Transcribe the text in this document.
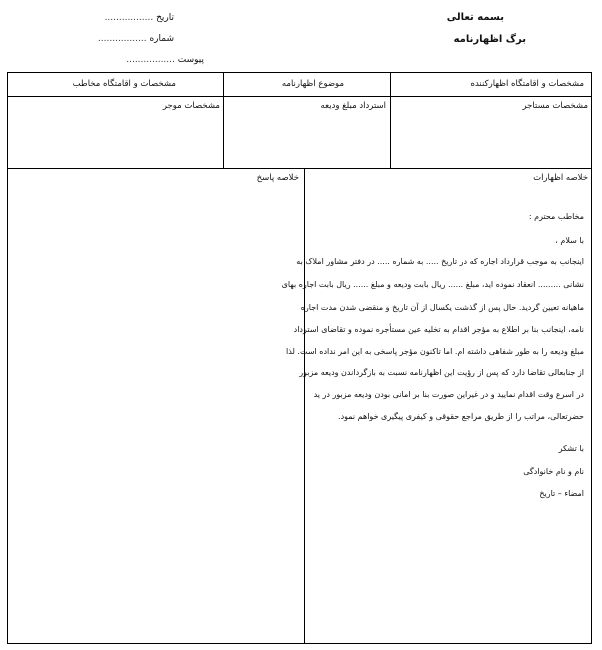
بسمه تعالی
برگ اظهارنامه
تاریخ .................
شماره .................
پیوست .................
مشخصات و اقامتگاه اظهارکننده
موضوع اظهارنامه
مشخصات و اقامتگاه مخاطب
مشخصات مستاجر
استرداد مبلغ ودیعه
مشخصات موجر
خلاصه اظهارات
خلاصه پاسخ
مخاطب محترم :
با سلام ،
اینجانب به موجب قرارداد اجاره که در تاریخ ..... به شماره ..... در دفتر مشاور املاک به
نشانی ......... انعقاد نموده اید، مبلغ ...... ریال بابت ودیعه و مبلغ ...... ریال بابت اجاره بهای
ماهیانه تعیین گردید. حال پس از گذشت یکسال از آن تاریخ و منقضی شدن مدت اجاره
نامه، اینجانب بنا بر اطلاع به مؤجر اقدام به تخلیه عین مستأجره نموده و تقاضای استرداد
مبلغ ودیعه را به طور شفاهی داشته ام. اما تاکنون مؤجر پاسخی به این امر نداده است. لذا
از جنابعالی تقاضا دارد که پس از رؤیت این اظهارنامه نسبت به بازگرداندن ودیعه مزبور
در اسرع وقت اقدام نمایید و در غیراین صورت بنا بر امانی بودن ودیعه مزبور در ید
حضرتعالی، مراتب را از طریق مراجع حقوقی و کیفری پیگیری خواهم نمود.
با تشکر
نام و نام خانوادگی
امضاء – تاریخ
